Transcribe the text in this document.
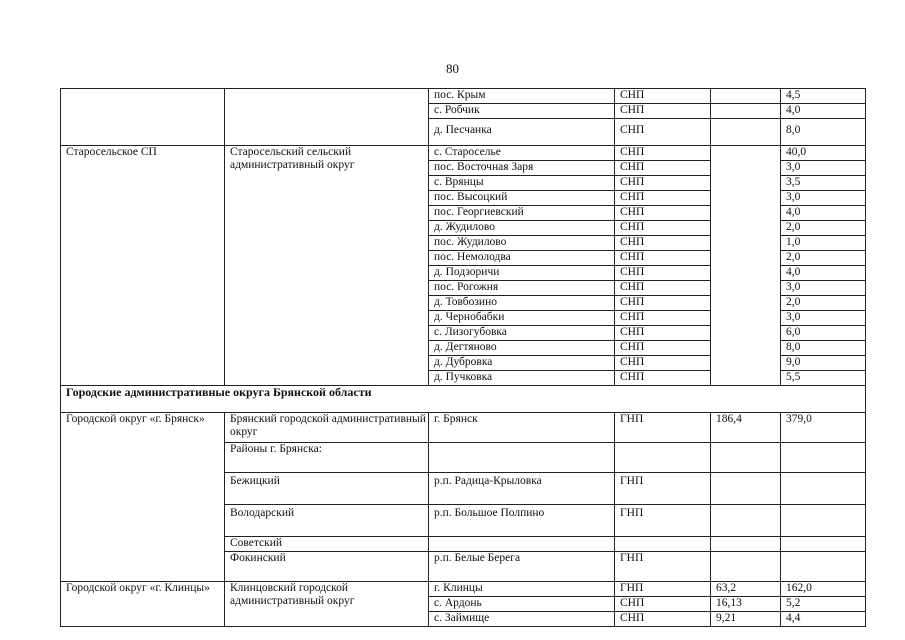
80
		пос. Крым	СНП		4,5
		с. Робчик	СНП		4,0
		д. Песчанка	СНП		8,0
Старосельское СП	Старосельский сельский административный округ	с. Староселье	СНП		40,0
		пос. Восточная Заря	СНП		3,0
		с. Врянцы	СНП		3,5
		пос. Высоцкий	СНП		3,0
		пос. Георгиевский	СНП		4,0
		д. Жудилово	СНП		2,0
		пос. Жудилово	СНП		1,0
		пос. Немолодва	СНП		2,0
		д. Подзоричи	СНП		4,0
		пос. Рогожня	СНП		3,0
		д. Товбозино	СНП		2,0
		д. Чернобабки	СНП		3,0
		с. Лизогубовка	СНП		6,0
		д. Дегтяново	СНП		8,0
		д. Дубровка	СНП		9,0
		д. Пучковка	СНП		5,5
Городские административные округа Брянской области					
Городской округ «г. Брянск»	Брянский городской административный округ	г. Брянск	ГНП	186,4	379,0
	Районы г. Брянска:				
	Бежицкий	р.п. Радица-Крыловка	ГНП		
	Володарский	р.п. Большое Полпино	ГНП		
	Советский				
	Фокинский	р.п. Белые Берега	ГНП		
Городской округ «г. Клинцы»	Клинцовский городской административный округ	г. Клинцы	ГНП	63,2	162,0
		с. Ардонь	СНП	16,13	5,2
		с. Займище	СНП	9,21	4,4
